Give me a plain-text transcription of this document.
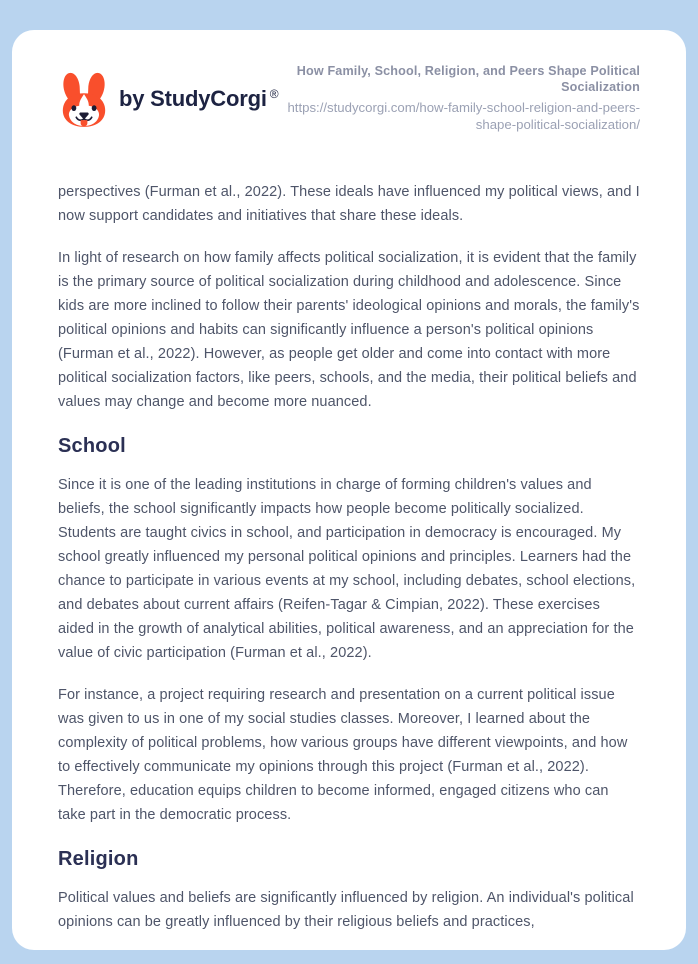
by StudyCorgi ®
How Family, School, Religion, and Peers Shape Political Socialization
https://studycorgi.com/how-family-school-religion-and-peers-shape-political-socialization/

perspectives (Furman et al., 2022). These ideals have influenced my political views, and I now support candidates and initiatives that share these ideals.

In light of research on how family affects political socialization, it is evident that the family is the primary source of political socialization during childhood and adolescence. Since kids are more inclined to follow their parents' ideological opinions and morals, the family's political opinions and habits can significantly influence a person's political opinions (Furman et al., 2022). However, as people get older and come into contact with more political socialization factors, like peers, schools, and the media, their political beliefs and values may change and become more nuanced.

School

Since it is one of the leading institutions in charge of forming children's values and beliefs, the school significantly impacts how people become politically socialized. Students are taught civics in school, and participation in democracy is encouraged. My school greatly influenced my personal political opinions and principles. Learners had the chance to participate in various events at my school, including debates, school elections, and debates about current affairs (Reifen-Tagar & Cimpian, 2022). These exercises aided in the growth of analytical abilities, political awareness, and an appreciation for the value of civic participation (Furman et al., 2022).

For instance, a project requiring research and presentation on a current political issue was given to us in one of my social studies classes. Moreover, I learned about the complexity of political problems, how various groups have different viewpoints, and how to effectively communicate my opinions through this project (Furman et al., 2022). Therefore, education equips children to become informed, engaged citizens who can take part in the democratic process.

Religion

Political values and beliefs are significantly influenced by religion. An individual's political opinions can be greatly influenced by their religious beliefs and practices,
